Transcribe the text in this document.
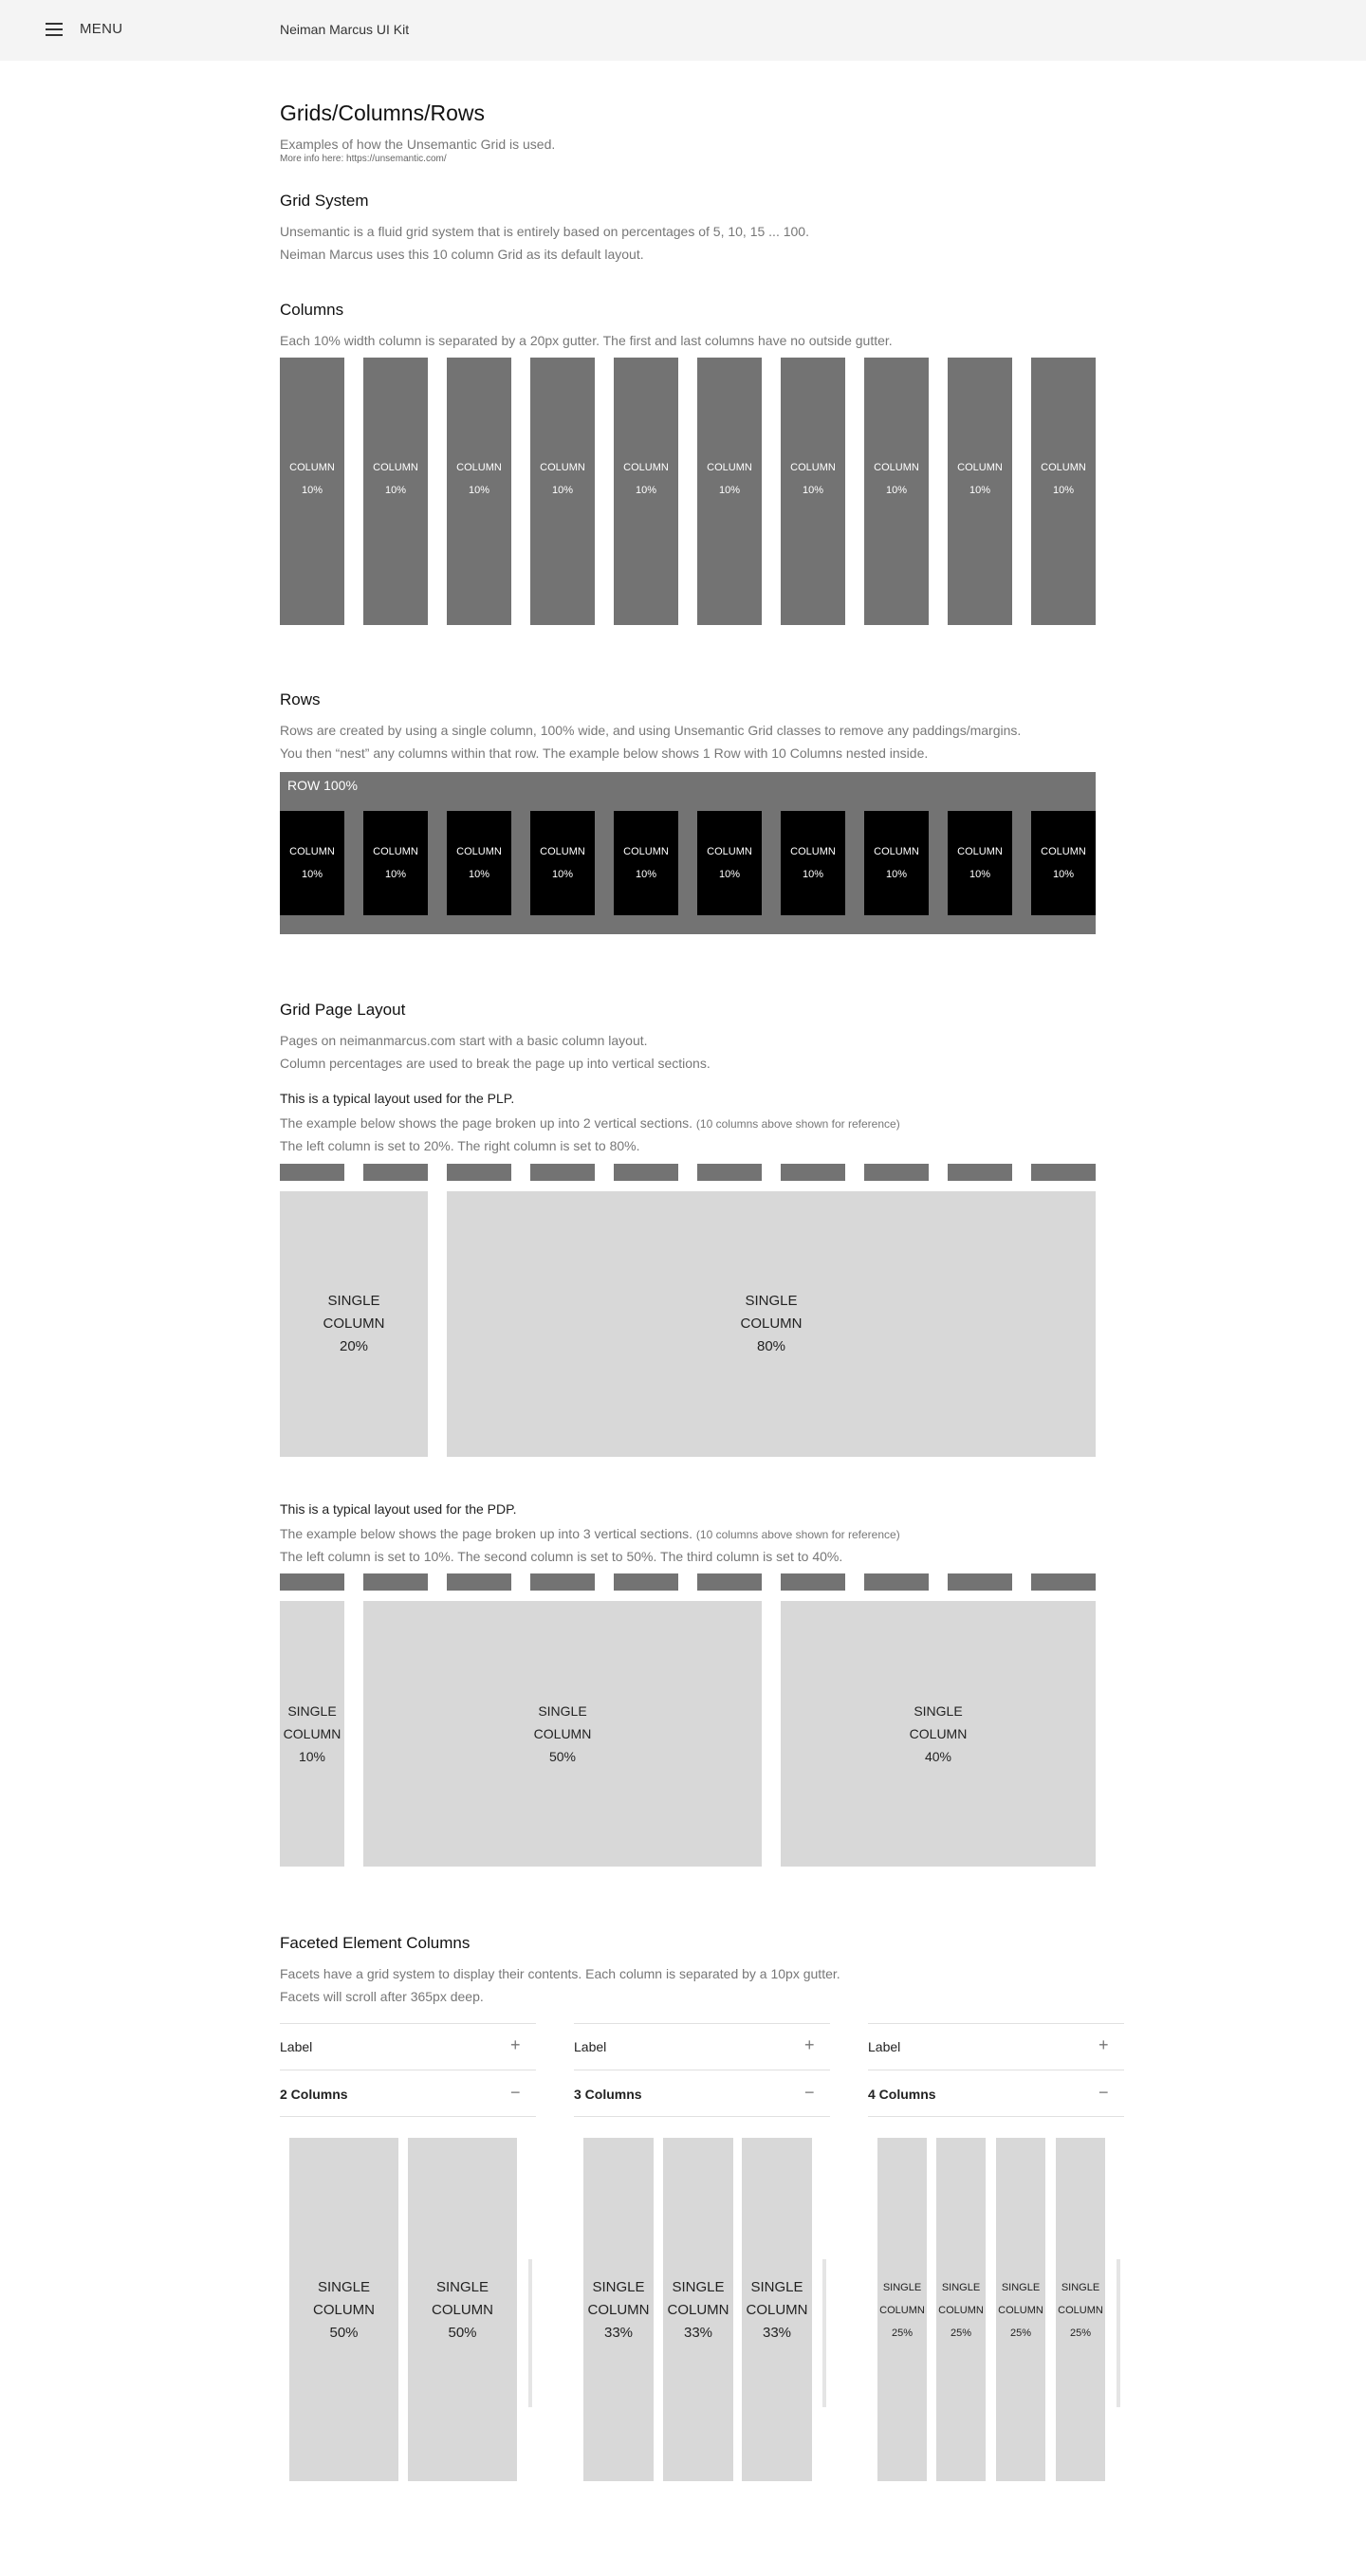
MENU	Neiman Marcus UI Kit
Grids/Columns/Rows
Examples of how the Unsemantic Grid is used.
More info here: https://unsemantic.com/
Grid System
Unsemantic is a fluid grid system that is entirely based on percentages of 5, 10, 15 ... 100.
Neiman Marcus uses this 10 column Grid as its default layout.
Columns
Each 10% width column is separated by a 20px gutter. The first and last columns have no outside gutter.
COLUMN
10%
COLUMN
10%
COLUMN
10%
COLUMN
10%
COLUMN
10%
COLUMN
10%
COLUMN
10%
COLUMN
10%
COLUMN
10%
COLUMN
10%
Rows
Rows are created by using a single column, 100% wide, and using Unsemantic Grid classes to remove any paddings/margins.
You then “nest” any columns within that row. The example below shows 1 Row with 10 Columns nested inside.
ROW 100%
COLUMN
10%
COLUMN
10%
COLUMN
10%
COLUMN
10%
COLUMN
10%
COLUMN
10%
COLUMN
10%
COLUMN
10%
COLUMN
10%
COLUMN
10%
Grid Page Layout
Pages on neimanmarcus.com start with a basic column layout.
Column percentages are used to break the page up into vertical sections.
This is a typical layout used for the PLP.
The example below shows the page broken up into 2 vertical sections. (10 columns above shown for reference)
The left column is set to 20%. The right column is set to 80%.
SINGLE
COLUMN
20%
SINGLE
COLUMN
80%
This is a typical layout used for the PDP.
The example below shows the page broken up into 3 vertical sections. (10 columns above shown for reference)
The left column is set to 10%. The second column is set to 50%. The third column is set to 40%.
SINGLE
COLUMN
10%
SINGLE
COLUMN
50%
SINGLE
COLUMN
40%
Faceted Element Columns
Facets have a grid system to display their contents. Each column is separated by a 10px gutter.
Facets will scroll after 365px deep.
Label	+
2 Columns	−
SINGLE
COLUMN
50%
SINGLE
COLUMN
50%
Label	+
3 Columns	−
SINGLE
COLUMN
33%
SINGLE
COLUMN
33%
SINGLE
COLUMN
33%
Label	+
4 Columns	−
SINGLE
COLUMN
25%
SINGLE
COLUMN
25%
SINGLE
COLUMN
25%
SINGLE
COLUMN
25%
